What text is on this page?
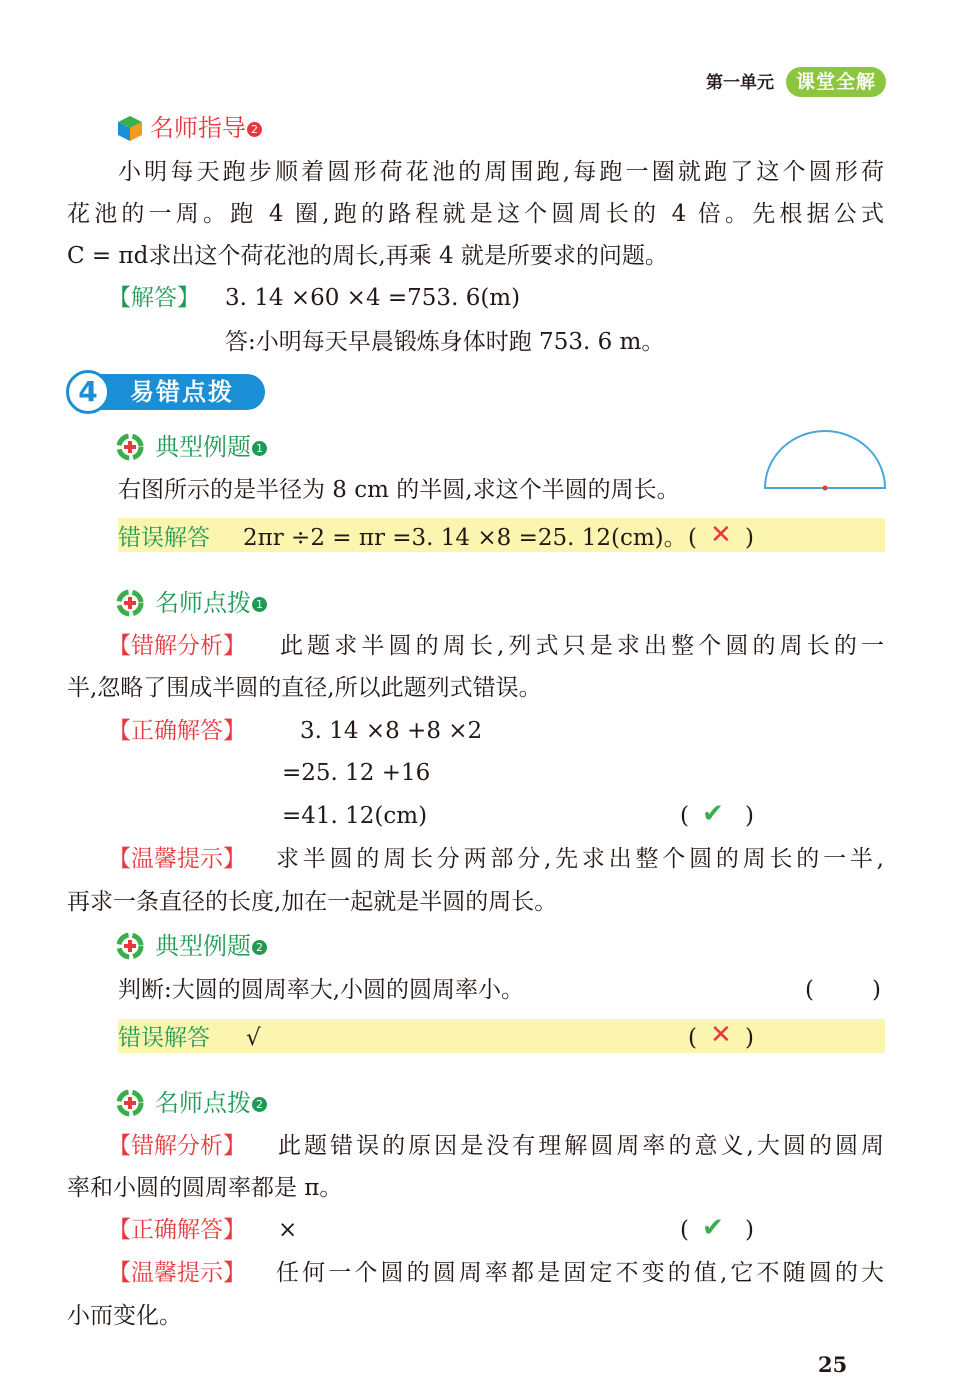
第一单元	课堂全解
名师指导 2
小明每天跑步顺着圆形荷花池的周围跑,每跑一圈就跑了这个圆形荷
花池的一周。跑 4 圈,跑的路程就是这个圆周长的 4 倍。先根据公式
C = πd求出这个荷花池的周长,再乘 4 就是所要求的问题。
【解答】 3. 14 ×60 ×4 =753. 6(m)
答:小明每天早晨锻炼身体时跑 753. 6 m。
4	易错点拨
典型例题 1
右图所示的是半径为 8 cm 的半圆,求这个半圆的周长。
错误解答 2πr ÷2 = πr =3. 14 ×8 =25. 12(cm)。 ( ✕ )
名师点拨 1
【错解分析】 此题求半圆的周长,列式只是求出整个圆的周长的一
半,忽略了围成半圆的直径,所以此题列式错误。
【正确解答】 3. 14 ×8 +8 ×2
=25. 12 +16
=41. 12(cm)	( ✔ )
【温馨提示】 求半圆的周长分两部分,先求出整个圆的周长的一半,
再求一条直径的长度,加在一起就是半圆的周长。
典型例题 2
判断:大圆的圆周率大,小圆的圆周率小。	(	)
错误解答 √	( ✕ )
名师点拨 2
【错解分析】 此题错误的原因是没有理解圆周率的意义,大圆的圆周
率和小圆的圆周率都是 π。
【正确解答】 ×	( ✔ )
【温馨提示】 任何一个圆的圆周率都是固定不变的值,它不随圆的大
小而变化。
25
